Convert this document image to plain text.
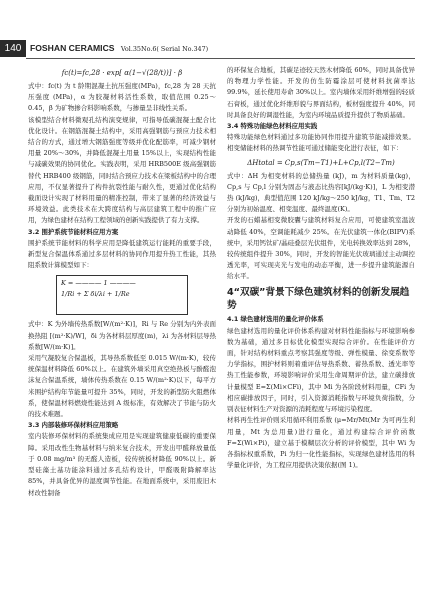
140	FOSHAN CERAMICS Vol.35No.6( Serial No.347)
fc(t)=fc,28 · exp[ α(1−√(28/t))] · β

式中：fc(t) 为 t 龄期混凝土抗压强度(MPa)，fc,28 为 28 天抗压强度 (MPa)，α 为胶凝材料活性系数，取值范围 0.25～0.45，β 为矿物掺合料影响系数，与掺量呈非线性关系。

该模型结合材料微观孔结构演变规律，可指导低碳混凝土配合比优化设计。在钢筋混凝土结构中，采用高强钢筋与预应力技术相结合的方式，通过增大钢筋强度等级并优化配筋率，可减少钢材用量 20%～30%，并降低混凝土用量 15%以上，实现结构性能与减碳效果的协同优化。实践表明，采用 HRB500E 级高强钢筋替代 HRB400 级钢筋，同时结合预应力技术在梁板结构中的合理应用，不仅显著提升了构件抗裂性能与耐久性，更通过优化结构截面设计实现了材料用量的精准控制，带来了显著的经济效益与环境效益。此类技术在大跨度结构与高层建筑工程中的推广应用，为绿色建材在结构工程领域的创新实践提供了有力支撑。

3.2 围护系统节能材料应用方案

围护系统节能材料的科学应用是降低建筑运行能耗的重要手段，新型复合保温体系通过多层材料的协同作用提升热工性能，其热阻系数计算模型如下：

K = ———— 1 ————
1/Ri + Σ δi/λi + 1/Re

式中：K 为外墙传热系数[W/(m²·K)]，Ri 与 Re 分别为内外表面换热阻 [(m²·K)/W]，δi 为各材料层厚度(m)，λi 为各材料层导热系数[W/(m·K)]。

采用气凝胶复合保温板，其导热系数低至 0.015 W/(m·K)，较传统保温材料降低 60%以上。在建筑外墙采用真空绝热板与酚醛泡沫复合保温系统，墙体传热系数在 0.15 W/(m²·K)以下，每平方米围护结构年节能量可提升 35%，同时，开发的新型防火阻燃体系，使保温材料燃烧性能达到 A 级标准，有效解决了节能与防火的技术难题。

3.3 内部装修环保材料应用策略

室内装修环保材料的系统集成应用是实现建筑健康低碳的重要保障。采用改性生物基材料与纳米复合技术，开发出甲醛释放量低于 0.08 mg/m³ 的无醛人造板，较传统板材降低 90%以上。新型硅藻土基功能涂料通过多孔结构设计，甲醛吸附降解率达 85%，并具备优异的湿度调节性能。在地面系统中，采用废旧木材改性制备

的环保复合地板，其碳足迹较天然木材降低 60%，同时具备优异的物理力学性能。开发的仿生防霉涂层可使材料抗菌率达 99.9%，延长使用寿命 30%以上。室内墙体采用纤维增强的轻质石膏板，通过优化纤维形貌与界面结构，板材强度提升 40%，同时具备良好的调湿性能，为室内环境品质提升提供了物质基础。

3.4 特殊功能绿色材料应用实践

特殊功能绿色材料通过多功能协同作用提升建筑节能减排效果。相变储能材料的热调节性能可通过储能变化进行表征，如下：

ΔHtotal = Cp,s(Tm−T1)+L+Cp,l(T2−Tm)

式中：ΔH 为相变材料的总储热量 (kJ)，m 为材料质量(kg)，Cp,s 与 Cp,l 分别为固态与液态比热容[kJ/(kg·K)]，L 为相变潜热 (kJ/kg)，典型值范围 120 kJ/kg～250 kJ/kg，T1、Tm、T2 分别为初始温度、相变温度、最终温度(K)。

开发的石蜡基相变微胶囊与建筑材料复合应用，可使建筑室温波动降低 40%，空调能耗减少 25%。在光伏建筑一体化(BIPV)系统中，采用钙钛矿/晶硅叠层光伏组件，光电转换效率达到 28%，较传统组件提升 30%，同时，开发的智能光伏玻璃通过主动调控透光率，可实现夹光与发电的动态平衡，进一步提升建筑能源自给水平。

4“双碳”背景下绿色建筑材料的创新发展趋势

4.1 绿色建材选用的量化评价体系

绿色建材选用的量化评价体系构建对材料性能指标与环境影响参数为基础，通过多目标优化模型实现综合评价。在性能评价方面，针对结构材料重点考察其强度等级、弹性模量、徐变系数等力学指标，围护材料则着重评估导热系数、蓄热系数、透光率等热工性能参数，环境影响评价采用生命周期评价法，建立碳排放计量模型 E=Σ(Mi×CFi)，其中 Mi 为各阶段材料用量，CFi 为相应碳排放因子，同时，引入资源消耗指数与环境负荷指数，分别表征材料生产对资源的消耗程度与环境污染程度。

材料再生性评价则采用循环利用系数 (μ=Mr/Mt(Mr 为可再生利用量，Mt 为总用量)进行量化，通过构建综合评价函数 F=Σ(Wi×Pi)，建立基于模糊层次分析的评价模型，其中 Wi 为各指标权重系数，Pi 为归一化性能指标，实现绿色建材选用的科学量化评价，为工程应用提供决策依据(图 1)。
